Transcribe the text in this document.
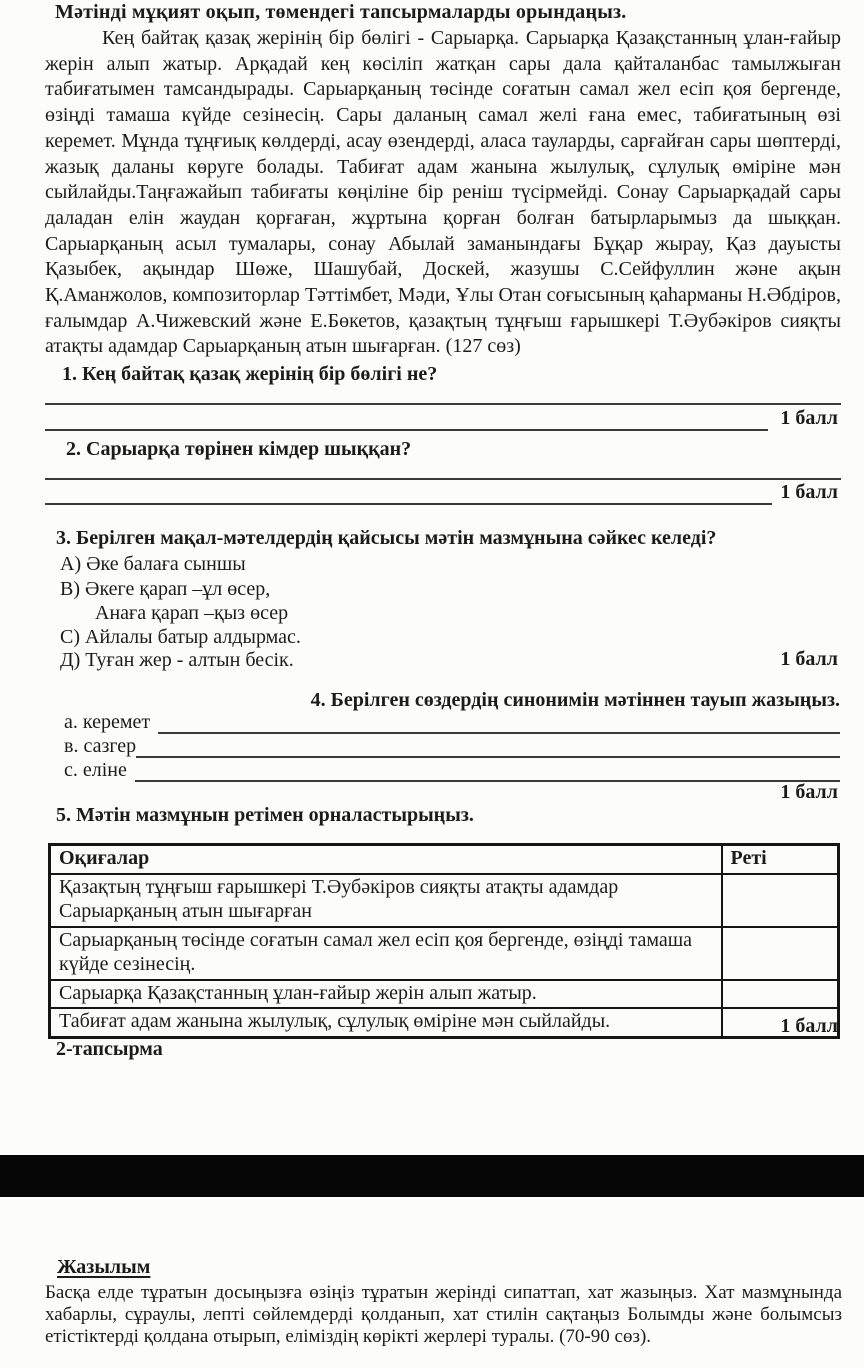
Мәтінді мұқият оқып, төмендегі тапсырмаларды орындаңыз.
Кең байтақ қазақ жерінің бір бөлігі - Сарыарқа. Сарыарқа Қазақстанның ұлан-ғайыр жерін алып жатыр. Арқадай кең көсіліп жатқан сары дала қайталанбас тамылжыған табиғатымен тамсандырады. Сарыарқаның төсінде соғатын самал жел есіп қоя бергенде, өзіңді тамаша күйде сезінесің. Сары даланың самал желі ғана емес, табиғатының өзі керемет. Мұнда тұңғиық көлдерді, асау өзендерді, аласа тауларды, сарғайған сары шөптерді, жазық даланы көруге болады. Табиғат адам жанына жылулық, сұлулық өміріне мән сыйлайды.Таңғажайып табиғаты көңіліне бір реніш түсірмейді. Сонау Сарыарқадай сары даладан елін жаудан қорғаған, жұртына қорған болған батырларымыз да шыққан. Сарыарқаның асыл тумалары, сонау Абылай заманындағы Бұқар жырау, Қаз дауысты Қазыбек, ақындар Шөже, Шашубай, Доскей, жазушы С.Сейфуллин және ақын Қ.Аманжолов, композиторлар Тәттімбет, Мәди, Ұлы Отан соғысының қаһарманы Н.Әбдіров, ғалымдар А.Чижевский және Е.Бөкетов, қазақтың тұңғыш ғарышкері Т.Әубәкіров сияқты атақты адамдар Сарыарқаның атын шығарған. (127 сөз)
1. Кең байтақ қазақ жерінің бір бөлігі не?
1 балл
2. Сарыарқа төрінен кімдер шыққан?
1 балл
3. Берілген мақал-мәтелдердің қайсысы мәтін мазмұнына сәйкес келеді?
А) Әке балаға сыншы
В) Әкеге қарап –ұл өсер,
Анаға қарап –қыз өсер
С) Айлалы батыр алдырмас.
Д) Туған жер - алтын бесік.	1 балл
4. Берілген сөздердің синонимін мәтіннен тауып жазыңыз.
а. керемет
в. сазгер
с. еліне
1 балл
5. Мәтін мазмұнын ретімен орналастырыңыз.
Оқиғалар	Реті
Қазақтың тұңғыш ғарышкері Т.Әубәкіров сияқты атақты адамдар Сарыарқаның атын шығарған	
Сарыарқаның төсінде соғатын самал жел есіп қоя бергенде, өзіңді тамаша күйде сезінесің.	
Сарыарқа Қазақстанның ұлан-ғайыр жерін алып жатыр.	
Табиғат адам жанына жылулық, сұлулық өміріне мән сыйлайды.		1 балл
2-тапсырма
Жазылым
Басқа елде тұратын досыңызға өзіңіз тұратын жерінді сипаттап, хат жазыңыз. Хат мазмұнында хабарлы, сұраулы, лепті сөйлемдерді қолданып, хат стилін сақтаңыз Болымды және болымсыз етістіктерді қолдана отырып, еліміздің көрікті жерлері туралы. (70-90 сөз).
